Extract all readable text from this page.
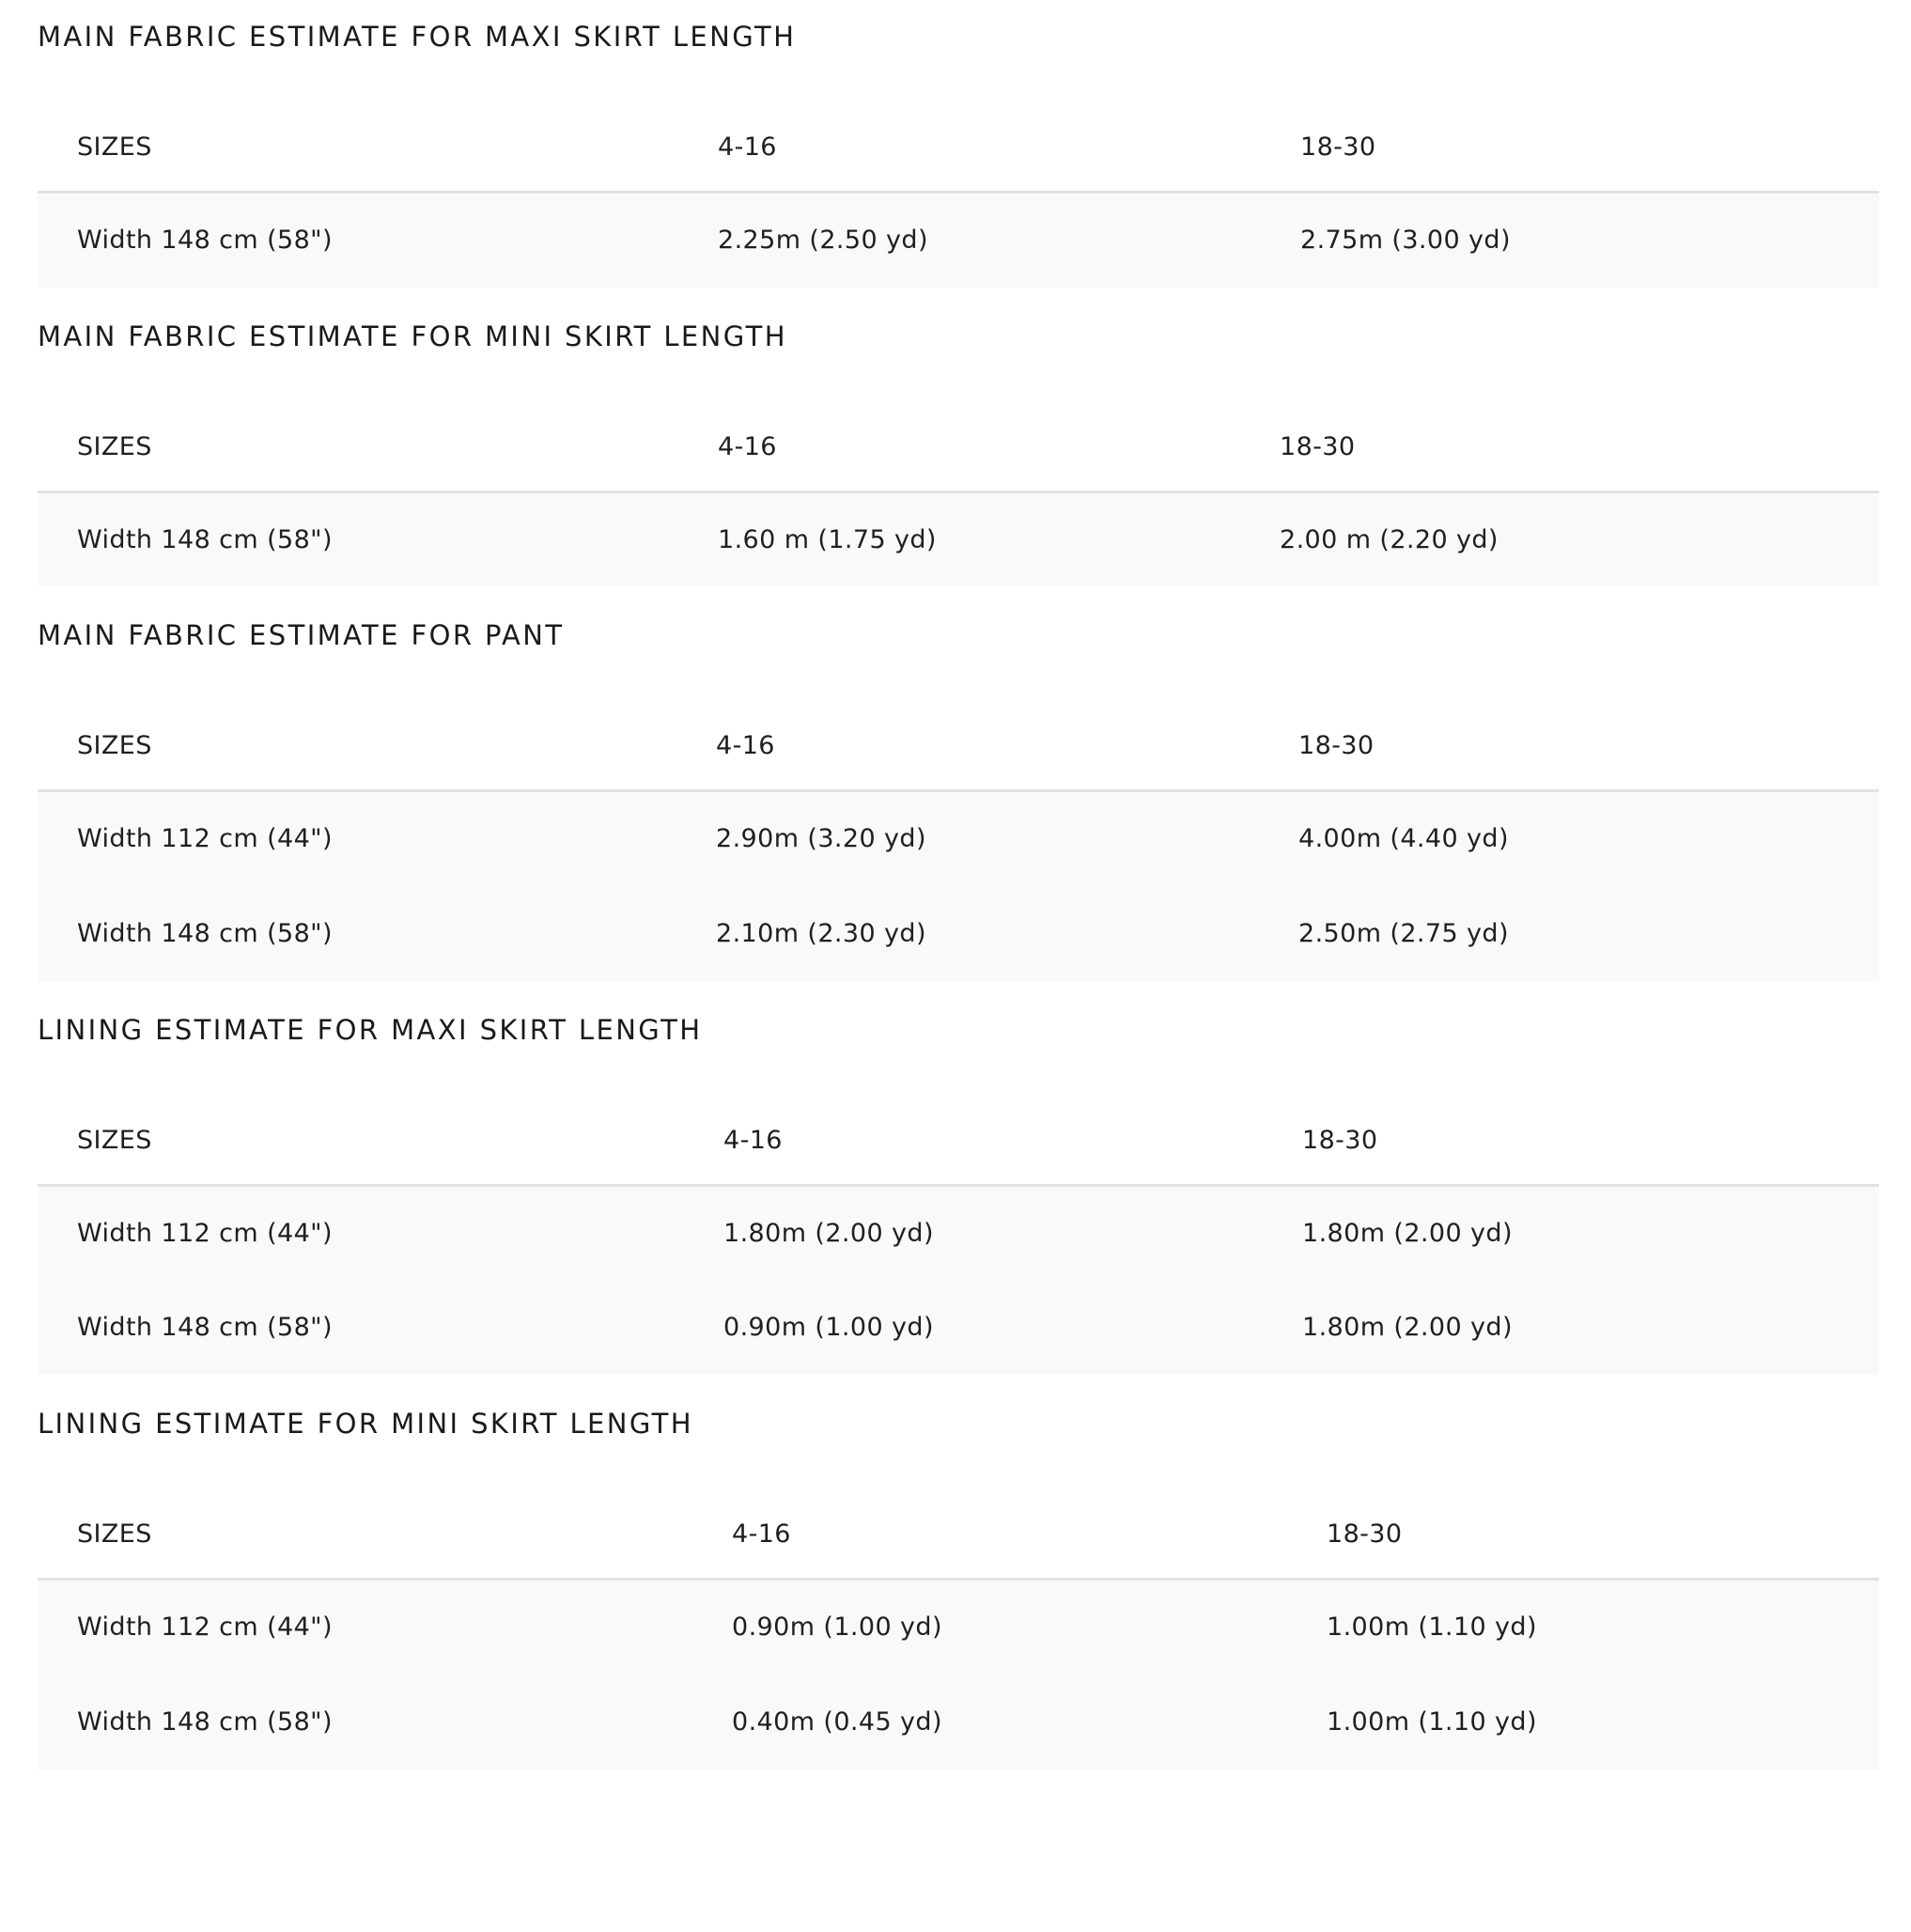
MAIN FABRIC ESTIMATE FOR MAXI SKIRT LENGTH
SIZES	4-16	18-30
Width 148 cm (58")	2.25m (2.50 yd)	2.75m (3.00 yd)
MAIN FABRIC ESTIMATE FOR MINI SKIRT LENGTH
SIZES	4-16	18-30
Width 148 cm (58")	1.60 m (1.75 yd)	2.00 m (2.20 yd)
MAIN FABRIC ESTIMATE FOR PANT
SIZES	4-16	18-30
Width 112 cm (44")	2.90m (3.20 yd)	4.00m (4.40 yd)
Width 148 cm (58")	2.10m (2.30 yd)	2.50m (2.75 yd)
LINING ESTIMATE FOR MAXI SKIRT LENGTH
SIZES	4-16	18-30
Width 112 cm (44")	1.80m (2.00 yd)	1.80m (2.00 yd)
Width 148 cm (58")	0.90m (1.00 yd)	1.80m (2.00 yd)
LINING ESTIMATE FOR MINI SKIRT LENGTH
SIZES	4-16	18-30
Width 112 cm (44")	0.90m (1.00 yd)	1.00m (1.10 yd)
Width 148 cm (58")	0.40m (0.45 yd)	1.00m (1.10 yd)
